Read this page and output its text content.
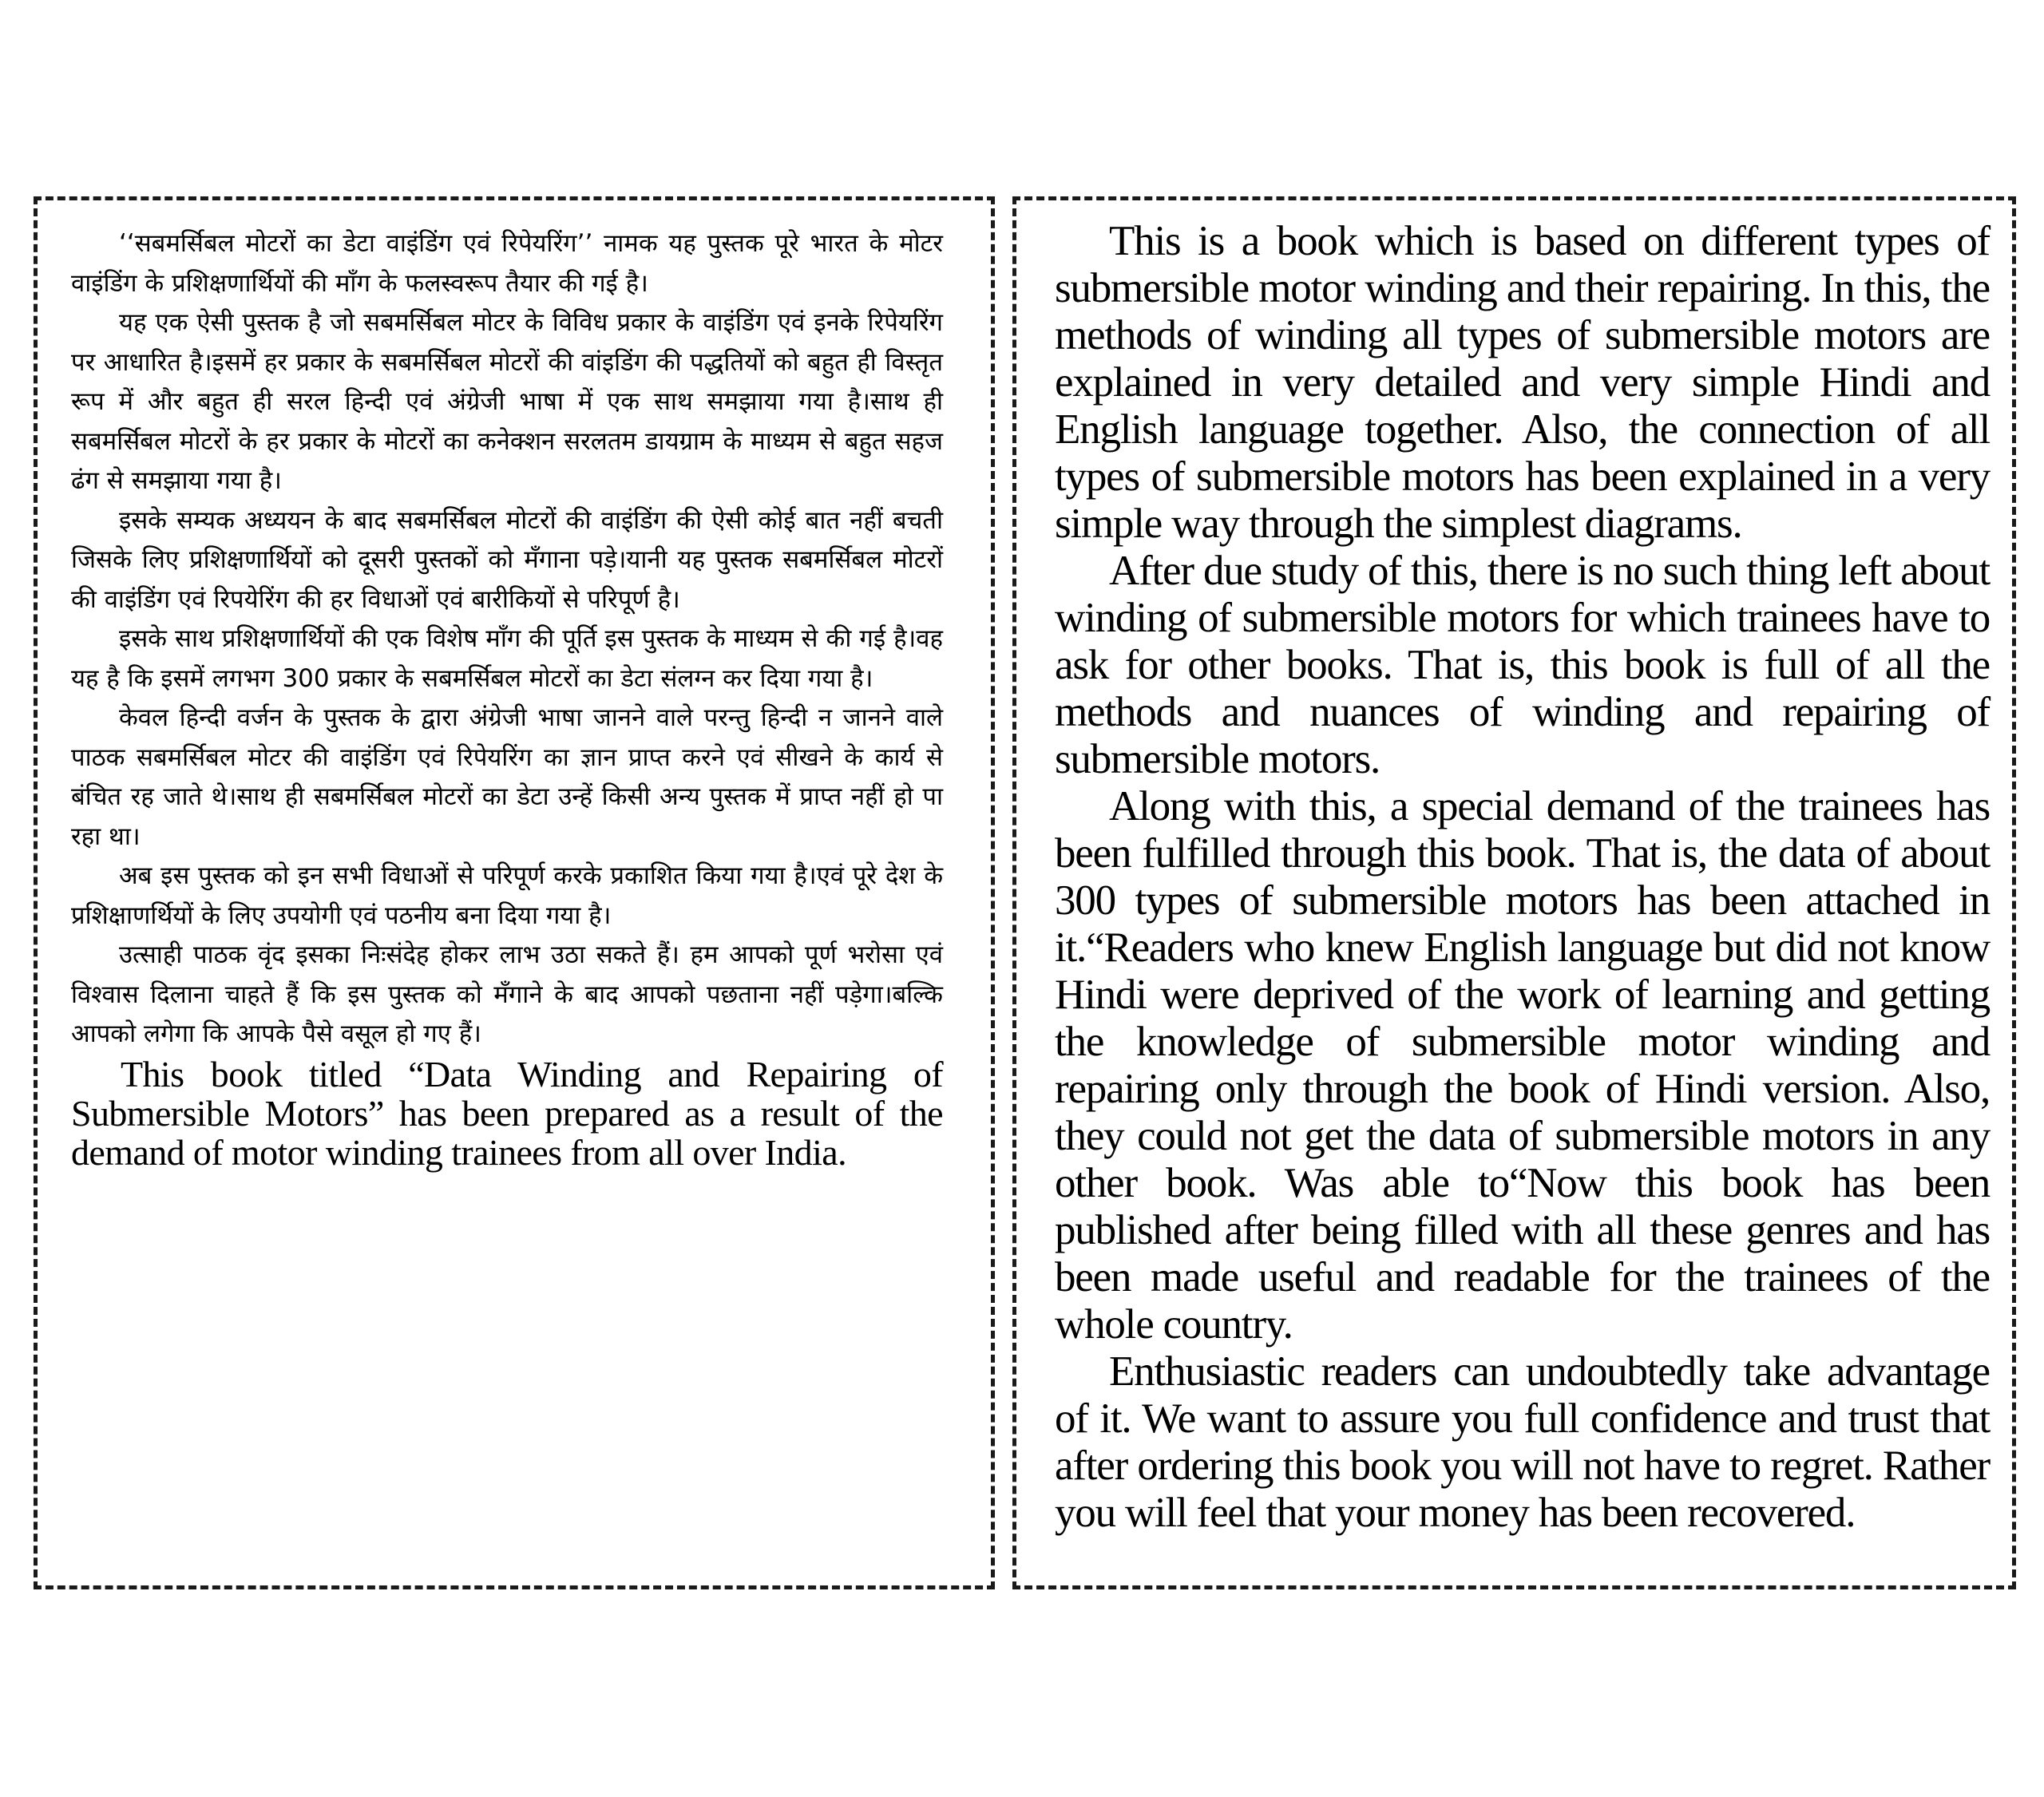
‘‘सबमर्सिबल मोटरों का डेटा वाइंडिंग एवं रिपेयरिंग’’ नामक यह पुस्तक पूरे भारत के मोटर वाइंडिंग के प्रशिक्षणार्थियों की माँग के फलस्वरूप तैयार की गई है।

यह एक ऐसी पुस्तक है जो सबमर्सिबल मोटर के विविध प्रकार के वाइंडिंग एवं इनके रिपेयरिंग पर आधारित है।इसमें हर प्रकार के सबमर्सिबल मोटरों की वांइडिंग की पद्धतियों को बहुत ही विस्तृत रूप में और बहुत ही सरल हिन्दी एवं अंग्रेजी भाषा में एक साथ समझाया गया है।साथ ही सबमर्सिबल मोटरों के हर प्रकार के मोटरों का कनेक्शन सरलतम डायग्राम के माध्यम से बहुत सहज ढंग से समझाया गया है।

इसके सम्यक अध्ययन के बाद सबमर्सिबल मोटरों की वाइंडिंग की ऐसी कोई बात नहीं बचती जिसके लिए प्रशिक्षणार्थियों को दूसरी पुस्तकों को मँगाना पडे़।यानी यह पुस्तक सबमर्सिबल मोटरों की वाइंडिंग एवं रिपयेरिंग की हर विधाओं एवं बारीकियों से परिपूर्ण है।

इसके साथ प्रशिक्षणार्थियों की एक विशेष माँग की पूर्ति इस पुस्तक के माध्यम से की गई है।वह यह है कि इसमें लगभग 300 प्रकार के सबमर्सिबल मोटरों का डेटा संलग्न कर दिया गया है।

केवल हिन्दी वर्जन के पुस्तक के द्वारा अंग्रेजी भाषा जानने वाले परन्तु हिन्दी न जानने वाले पाठक सबमर्सिबल मोटर की वाइंडिंग एवं रिपेयरिंग का ज्ञान प्राप्त करने एवं सीखने के कार्य से बंचित रह जाते थे।साथ ही सबमर्सिबल मोटरों का डेटा उन्हें किसी अन्य पुस्तक में प्राप्त नहीं हो पा रहा था।

अब इस पुस्तक को इन सभी विधाओं से परिपूर्ण करके प्रकाशित किया गया है।एवं पूरे देश के प्रशिक्षाणर्थियों के लिए उपयोगी एवं पठनीय बना दिया गया है।

उत्साही पाठक वृंद इसका निःसंदेह होकर लाभ उठा सकते हैं। हम आपको पूर्ण भरोसा एवं विश्वास दिलाना चाहते हैं कि इस पुस्तक को मँगाने के बाद आपको पछताना नहीं पडे़गा।बल्कि आपको लगेगा कि आपके पैसे वसूल हो गए हैं।

This book titled “Data Winding and Repairing of Submersible Motors” has been prepared as a result of the demand of motor winding trainees from all over India.

This is a book which is based on different types of submersible motor winding and their repairing. In this, the methods of winding all types of submersible motors are explained in very detailed and very simple Hindi and English language together. Also, the connection of all types of submersible motors has been explained in a very simple way through the simplest diagrams.

After due study of this, there is no such thing left about winding of submersible motors for which trainees have to ask for other books. That is, this book is full of all the methods and nuances of winding and repairing of submersible motors.

Along with this, a special demand of the trainees has been fulfilled through this book. That is, the data of about 300 types of submersible motors has been attached in it.“Readers who knew English language but did not know Hindi were deprived of the work of learning and getting the knowledge of submersible motor winding and repairing only through the book of Hindi version. Also, they could not get the data of submersible motors in any other book. Was able to“Now this book has been published after being filled with all these genres and has been made useful and readable for the trainees of the whole country.

Enthusiastic readers can undoubtedly take advantage of it. We want to assure you full confidence and trust that after ordering this book you will not have to regret. Rather you will feel that your money has been recovered.
